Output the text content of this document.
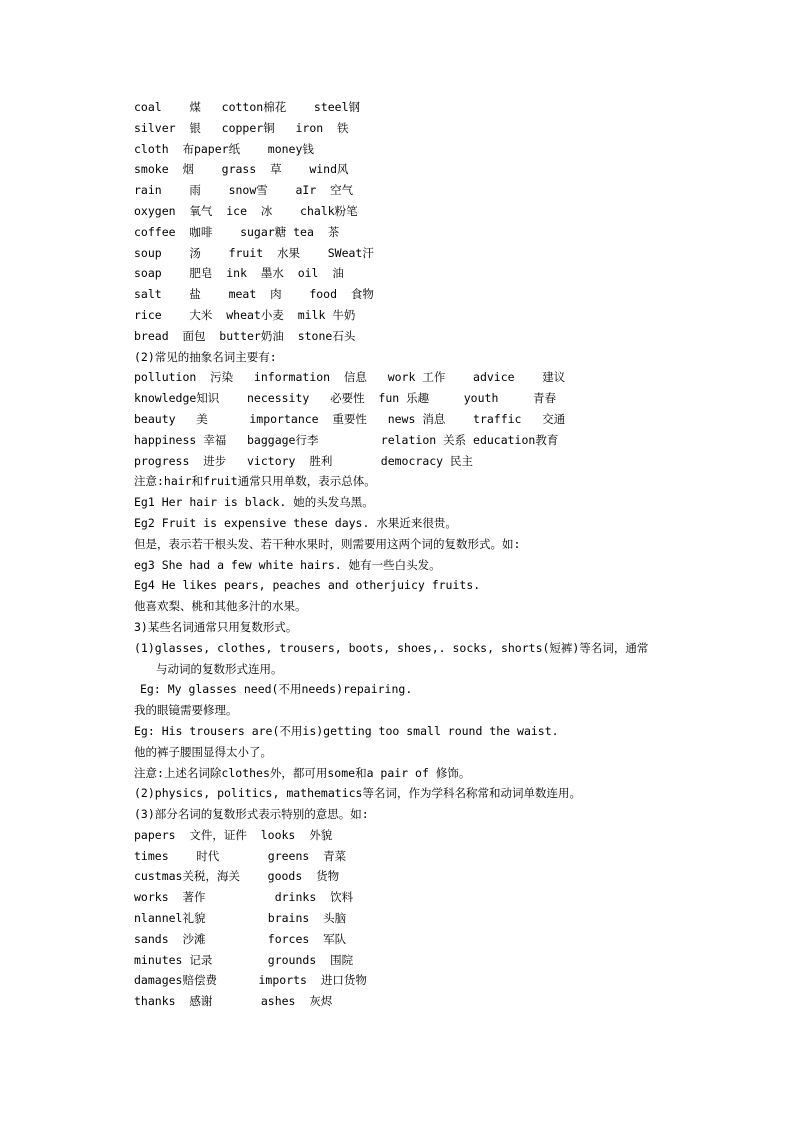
coal    煤   cotton棉花    steel钢
silver  银   copper铜   iron  铁
cloth  布paper纸    money钱
smoke  烟    grass  草    wind风
rain    雨    snow雪    aIr  空气
oxygen  氧气  ice  冰    chalk粉笔
coffee  咖啡    sugar糖 tea  茶
soup    汤    fruit  水果    SWeat汗
soap    肥皂  ink  墨水  oil  油
salt    盐    meat  肉    food  食物
rice    大米  wheat小麦  milk 牛奶
bread  面包  butter奶油  stone石头
(2)常见的抽象名词主要有:
pollution  污染   information  信息   work 工作    advice    建议
knowledge知识    necessity   必要性  fun 乐趣     youth     青春
beauty   美      importance  重要性   news 消息    traffic   交通
happiness 幸福   baggage行李         relation 关系 education教育
progress  进步   victory  胜利       democracy 民主
注意:hair和fruit通常只用单数，表示总体。
Eg1 Her hair is black. 她的头发乌黑。
Eg2 Fruit is expensive these days. 水果近来很贵。
但是，表示若干根头发、若干种水果时，则需要用这两个词的复数形式。如:
eg3 She had a few white hairs. 她有一些白头发。
Eg4 He likes pears, peaches and otherjuicy fruits.
他喜欢梨、桃和其他多汁的水果。
3)某些名词通常只用复数形式。
(1)glasses, clothes, trousers, boots, shoes,. socks, shorts(短裤)等名词，通常
与动词的复数形式连用。
Eg: My glasses need(不用needs)repairing.
我的眼镜需要修理。
Eg: His trousers are(不用is)getting too small round the waist.
他的裤子腰围显得太小了。
注意:上述名词除clothes外，都可用some和a pair of 修饰。
(2)physics, politics, mathematics等名词，作为学科名称常和动词单数连用。
(3)部分名词的复数形式表示特别的意思。如:
papers  文件，证件  looks  外貌
times    时代       greens  青菜
custmas关税，海关    goods  货物
works  著作          drinks  饮料
nlannel礼貌         brains  头脑
sands  沙滩         forces  军队
minutes 记录        grounds  围院
damages赔偿费      imports  进口货物
thanks  感谢       ashes  灰烬
